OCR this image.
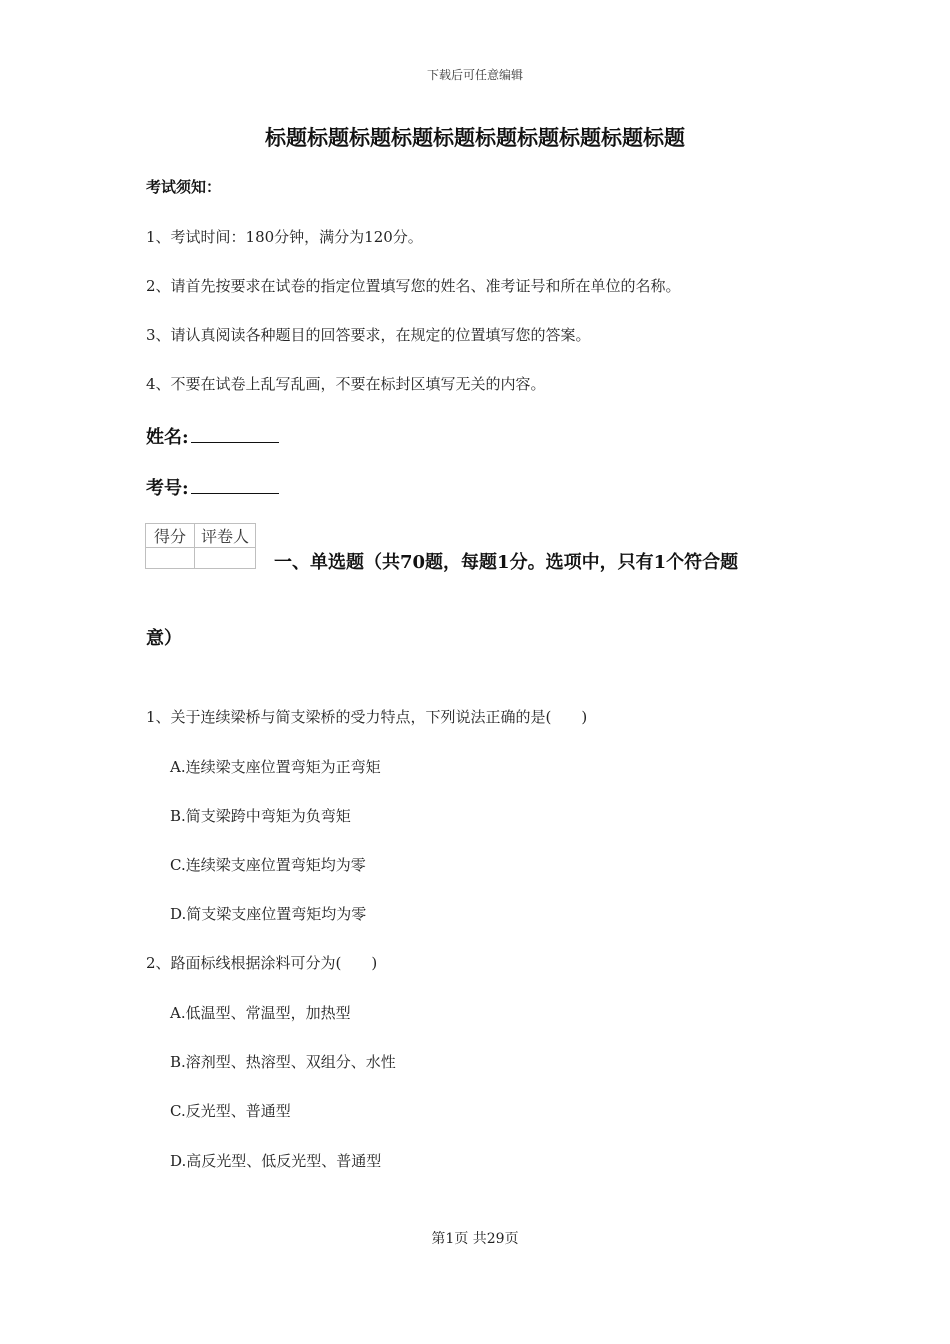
下载后可任意编辑
标题标题标题标题标题标题标题标题标题标题
考试须知：
1、考试时间：180分钟，满分为120分。
2、请首先按要求在试卷的指定位置填写您的姓名、准考证号和所在单位的名称。
3、请认真阅读各种题目的回答要求，在规定的位置填写您的答案。
4、不要在试卷上乱写乱画，不要在标封区填写无关的内容。
姓名:
考号:
得分	评卷人

一、单选题（共70题，每题1分。选项中，只有1个符合题
意）
1、关于连续梁桥与简支梁桥的受力特点，下列说法正确的是(　　)
A.连续梁支座位置弯矩为正弯矩
B.简支梁跨中弯矩为负弯矩
C.连续梁支座位置弯矩均为零
D.简支梁支座位置弯矩均为零
2、路面标线根据涂料可分为(　　)
A.低温型、常温型，加热型
B.溶剂型、热溶型、双组分、水性
C.反光型、普通型
D.高反光型、低反光型、普通型
第1页 共29页
